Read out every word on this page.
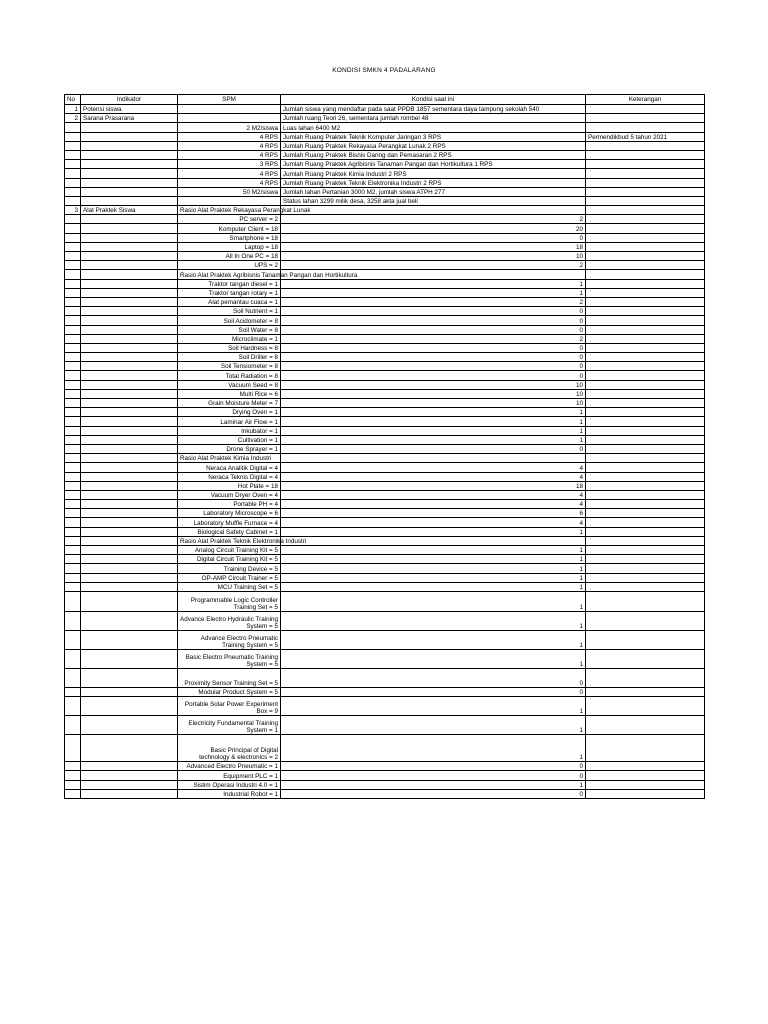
KONDISI SMKN 4 PADALARANG
No	Indikator	SPM	Kondisi saat ini	Keterangan
1	Potensi siswa		Jumlah siswa yang mendaftar pada saat PPDB 1857 sementara daya tampung sekolah 540	
2	Sarana Prasarana		Jumlah ruang Teori 26, sementara jumlah rombel 48	
		2 M2/siswa	Luas lahan 6400 M2	
		4 RPS	Jumlah Ruang Praktek Teknik Komputer Jaringan 3 RPS	Permendikbud 5 tahun 2021
		4 RPS	Jumlah Ruang Praktek Rekayasa Perangkat Lunak 2 RPS	
		4 RPS	Jumlah Ruang Praktek Bisnis Daring dan Pemasaran 2 RPS	
		3 RPS	Jumlah Ruang Praktek Agribisnis Tanaman Pangan dan Hortikultura 1 RPS	
		4 RPS	Jumlah Ruang Praktek Kimia Industri 2 RPS	
		4 RPS	Jumlah Ruang Praktek Teknik Elektronika Industri 2 RPS	
		50 M2/siswa	Jumlah lahan Pertanian 3000 M2, jumlah siswa ATPH 277	
			Status lahan 3299 milik desa, 3258 akta jual beli	
3	Alat Praktek Siswa	Rasio Alat Praktek Rekayasa Perangkat Lunak		
		PC server = 2	2	
		Komputer Client = 18	20	
		Smartphone = 18	0	
		Laptop = 18	18	
		All In One PC = 18	10	
		UPS = 2	2	
		Rasio Alat Praktek Agribisnis Tanaman Pangan dan Hortikultura		
		Traktor tangan diesel = 1	1	
		Traktor tangan rotary = 1	1	
		Alat pemantau cuaca = 1	2	
		Soil Nutrient = 1	0	
		Soil Acidometer = 8	0	
		Soil Water = 8	0	
		Microclimate = 1	2	
		Soil Hardness = 8	0	
		Soil Driller = 8	0	
		Soil Tensiometer = 8	0	
		Total Radiation = 8	0	
		Vacuum Seed = 8	10	
		Multi Rice = 6	10	
		Grain Moisture Meter = 7	10	
		Drying Oven = 1	1	
		Laminar Air Flow = 1	1	
		Inkubator = 1	1	
		Cultivation = 1	1	
		Drone Sprayer = 1	0	
		Rasio Alat Praktek Kimia Industri		
		Neraca Analitik Digital = 4	4	
		Neraca Teknis Digital = 4	4	
		Hot Plate = 18	18	
		Vacuum Dryer Oven = 4	4	
		Portable PH = 4	4	
		Laboratory Microscope = 6	6	
		Laboratory Muffle Furnace = 4	4	
		Biological Safety Cabinet = 1	1	
		Rasio Alat Praktek Teknik Elektronika Industri		
		Analog Circuit Training Kit = 5	1	
		Digital Circuit Training Kit = 5	1	
		Training Device = 5	1	
		OP-AMP Circuit Trainer = 5	1	
		MCU Training Set = 5	1	
		Programmable Logic Controller Training Set = 5	1	
		Advance Electro Hydraulic Training System = 5	1	
		Advance Electro Pneumatic Training System = 5	1	
		Basic Electro Pneumatic Training System = 5	1	
		Proximity Sensor Training Set = 5	0	
		Modular Product System = 5	0	
		Portable Solar Power Experiment Box = 9	1	
		Electricity Fundamental Training System = 1	1	
		Basic Principal of Digital technology & electronics = 2	1	
		Advanced Electro Pneumatic = 1	0	
		Equipment PLC = 1	0	
		Sistim Operasi Industri 4.0 = 1	1	
		Industrial Robot = 1	0	
